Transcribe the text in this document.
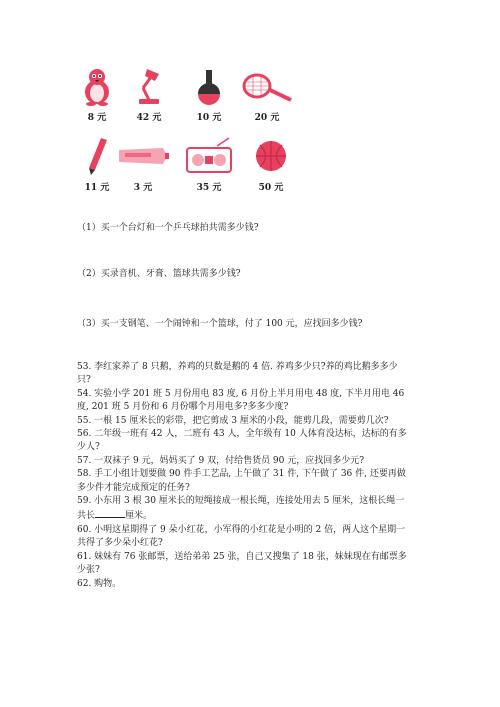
8 元	42 元	10 元	20 元
11 元	3 元	35 元	50 元
（1）买一个台灯和一个乒乓球拍共需多少钱?
（2）买录音机、牙膏、篮球共需多少钱?
（3）买一支钢笔、一个闹钟和一个篮球，付了 100 元，应找回多少钱?

53. 李红家养了 8 只鹅，养鸡的只数是鹅的 4 倍. 养鸡多少只?养的鸡比鹅多多少只?

54. 实验小学 201 班 5 月份用电 83 度, 6 月份上半月用电 48 度, 下半月用电 46 度, 201 班 5 月份和 6 月份哪个月用电多?多多少度?

55. 一根 15 厘米长的彩带，把它剪成 3 厘米的小段，能剪几段，需要剪几次?

56. 二年级一班有 42 人，二班有 43 人，全年级有 10 人体育没达标，达标的有多少人?

57. 一双袜子 9 元，妈妈买了 9 双，付给售货员 90 元，应找回多少元?

58. 手工小组计划要做 90 件手工艺品, 上午做了 31 件, 下午做了 36 件, 还要再做多少件才能完成预定的任务?

59. 小东用 3 根 30 厘米长的短绳接成一根长绳，连接处用去 5 厘米，这根长绳一共长	厘米。

60. 小明这星期得了 9 朵小红花，小军得的小红花是小明的 2 倍，两人这个星期一共得了多少朵小红花?

61. 妹妹有 76 张邮票，送给弟弟 25 张，自己又搜集了 18 张，妹妹现在有邮票多少张?

62. 购物。
